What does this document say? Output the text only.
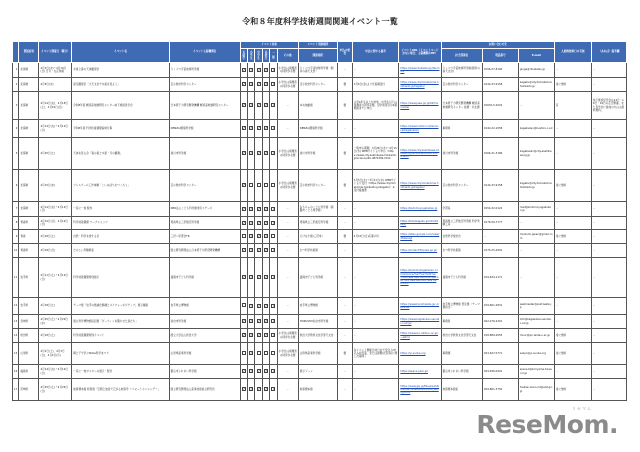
令和８年度科学技術週間関連イベント一覧
	都道府県	イベント開催日（曜日）	イベント名	イベント主催機関名	イベント対象						イベント実施場所	申込の要否	申込に関する備考	イベントURL（イベントページがない場合、主催機関のHP）	お問い合わせ先			入館料無料日の有無	（あれば）備考欄
					未就学	小学生	中学生	高校生	一般	その他	開催場所				担当部署名	電話番号	E-mail		
1	北海道	4月3日(木)～4月19日(日) 日月・火定休館	木星と春の天体観望会	りくべつ宇宙地球科学館	✓	✓	✓	✓	✓	小学生は保護者の同伴が必要	りくべつ宇宙地球科学館（銀河の森天文台）	－	－	https://www.rikubetsu.jp/tenmon/	りくべつ宇宙地球科学館(銀河の森天文台)	0156-27-8100	ginga@rikubetsu.jp	－	－
2	北海道	4月8日(水)	星空観望会「大天文台で木星を見よう」	苫小牧市科学センター	✓	✓	✓	✓	✓	小学生は保護者の同伴が必要	苫小牧市科学センター	要	3月6日(金)より先着順受付	https://www.city.tomakomai.hokkaido.jp/kagaku/	苫小牧市科学センター	0144-33-9158	kagaku@city.tomakomai.hokkaido.jp	常に無料	－
3	北海道	4月14日(火)、4月18日(土)、4月19日(日)	令和8年度 幌延深地層研究センター地下施設見学会	日本原子力研究開発機構 幌延深地層研究センター	✓	✓	✓	✓	✓	－	ゆめ地創館	要	小学4年生以上が対象。中学生以下は保護者の同伴必要。見学希望日の2週間前までに申込	https://www.jaea.go.jp/04/horonobe/	日本原子力研究開発機構 幌延深地層研究センター 総務・共生課	01632-5-2022	－	有	地下施設見学会は14日・18日・19日の定日開催。また見学会に参加の方は入館料無料。
4	北海道	4月14日(火)～4月19日(日)	令和8年度 科学技術週間協賛行事	DENZAI環境科学館	✓	✓	✓	✓	✓	－	DENZAI環境科学館	－	－	https://www.kushiro.net/science/kagakukan/	事務局	0142-22-1058	kagakukan@kushiro-c.ed	－	－
5	北海道	4月25日(土)	天体を見る会「春の星と木星・月の観測」	旭川市科学館	✓	✓	✓	✓	✓	小学生は保護者の同伴が必要	旭川市科学館	要	一般申込期間：3月26日(木)～4月15日(水) WEBサイトより申込（https://www.city.asahikawa.hokkaido.jp/science/20-d872384.html）	https://www.city.asahikawa.hokkaido.jp/science/20-d872384.html	旭川市科学館	0166-31-3186	kagakukan@city.asahikawa.lg.jp	－	－
6	北海道	4月15日(水)	プレスクール工作体験「こいのぼりをつくろう」	苫小牧市科学センター	✓					小学生は保護者の同伴が必要	苫小牧市科学センター	要	3月5日(木)～3月11日(水) WEBサイトより受付（https://www.city.tomakomai.hokkaido.jp/kagaku/）※受付後抽選	https://www.city.tomakomai.hokkaido.jp/kagaku/	苫小牧市科学センター	0144-33-9158	kagaku@city.tomakomai.hokkaido.jp	常に無料	－
7	北海道	4月14日(火)～4月19日(日)	一家に一枚 配布	NPO法人こども科学館市民ステージ	✓	✓	✓	✓	✓	－	おもちゃのこども科学館（釧路市こども遊学館）	－	－	https://kodomoyugakukan.jp	学習係	0154-32-0122	mail@kodomoyugakukan.jp	－	－
8	青森県	4月12日(日)、4月19日(日)	科学技術週間 ワークショップ	青森県立三沢航空科学館	✓	✓	✓	✓	✓	－	青森県立三沢航空科学館	－	－	https://kokukagaku.jp/info/10695/	青森県立三沢航空科学館 科学実験工房	0176-50-7777	－	－	－
9	青森	4月18日(土)	自然・科学を愛する会	三沢へ学習会FR		✓	✓	✓		－	そけなす館(三沢市)	要	4月10日(日)応募〆切	https://sites.google.com/view/35kanagi	自然科学愛好会	－	moizumi.japan@gmail.com	常に無料	－
10	青森県	4月18日(日)	たのしい実験教室	国立研究開発法人日本原子力研究開発機構	✓	✓	✓	✓	✓	－	むつ科学技術館	－	－	https://mutsu799.jaea.go.jp/	むつ科学技術館	0175-25-2091	－	－	－
11	岩手県	4月11日(土)～4月19日(日)	科学技術週間特別展示	盛岡市子ども科学館	✓	✓	✓	✓	✓	－	盛岡市子ども科学館	－	－	https://kodomokagakukan.com/science/%e7%a7%91%e5%ad%a6%e6%8a%80%e8%a1%93%e9%80%b1%e9%96%93/	盛岡市子ども科学館	019-634-1171	－	－	－
12	岩手県	4月18日(土)	テーマ展「岩手の絶滅危惧種とネイチャーポジティブ」展示解説	岩手県立博物館		✓	✓	✓	✓	－	岩手県立博物館	－	－	https://www2.pref.iwate.jp/~hp0910/	岩手県立博物館 普及課（テーマ展担当）	019-661-2831	webmaster@pref.iwate.jp	－	－
13	宮城県	4月25日(土)～4月29日(水)	国立科学博物館巡回展「ダーウィンを驚かせた鳥たち」	仙台市科学館	✓	✓	✓	✓	✓	－	HOKUSHU仙台市科学館	－	－	https://www.kagakukan.sendai-c.ed.jp/	事務局	022-276-2201	info@kagakukan.sendai-c.ed.jp	－	－
14	秋田県	4月18日(土)	科学技術週間特別イベント	国立大学法人秋田大学	✓	✓	✓	✓	✓	小学生は保護者の同伴が必要	秋田大学教育文化学部天文台	－	－	https://www.ipc.akita-u.ac.jp/~astro/	秋田大学教育文化学部天文台	018-889-2655	mour@ipc.akita-u.ac.jp	常に無料	－
15	山形県	4月2日(土)、4月3日(日)、4月4日(月)	親と子で学ぶSDGs科学まつり	山形県産業科学館		✓				小学生は保護者の同伴が必要	山形県産業科学館	要	各イベント開催日前日まで受付 お申込み状況等、または詳細(状況等)に関し次第終了	https://yi-sunka.org	事務課	023-647-0771	sakyo@yi-sunka.org	常に無料	－
16	福島県	4月14日(火)～4月19日(日)	一家に一枚ポスターの展示・配付	郡山市ふれあい科学館	✓	✓	✓	✓	✓	－	展示ゾーン	－	－	https://space-park.jp/	郡山市ふれあい科学館	024-936-0201	space-t@koriyama-fureai.or.jp	－	－
17	茨城県	4月25日(土)～4月26日(日)	地質標本館 特別展「空間と波長で広がる地質学 ～リモートセンシング～」	国立研究開発法人産業技術総合研究所	✓	✓	✓	✓	✓	－	地質標本館	－	－	https://www.gsj.jp/Muse/exhibition/archives/2026/2026_spring.html	地質標本館室	029-861-3750	fusikan-koen-ml@aist.go.jp	常に無料	－
リセマム
ReseMom.
